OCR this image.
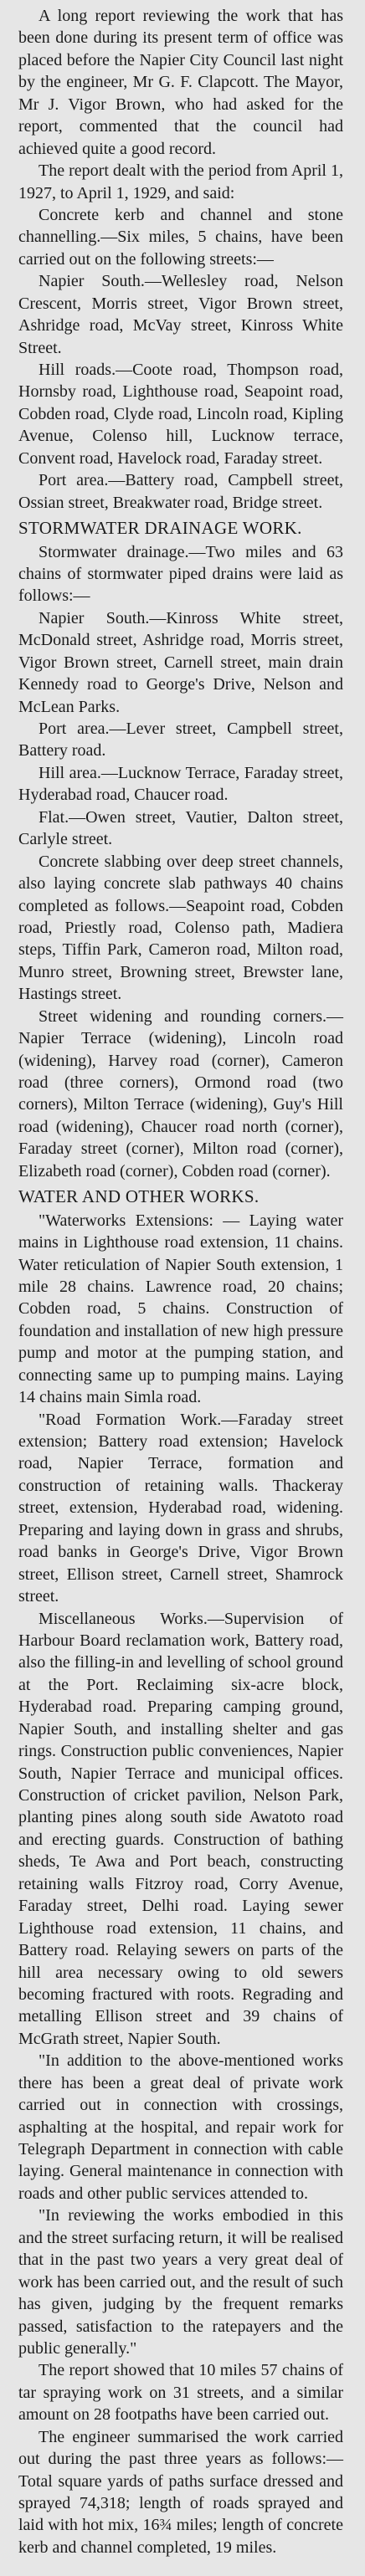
A long report reviewing the work that has been done during its present term of office was placed before the Napier City Council last night by the engineer, Mr G. F. Clapcott. The Mayor, Mr J. Vigor Brown, who had asked for the report, commented that the council had achieved quite a good record.

The report dealt with the period from April 1, 1927, to April 1, 1929, and said:

Concrete kerb and channel and stone channelling.—Six miles, 5 chains, have been carried out on the following streets:—

Napier South.—Wellesley road, Nelson Crescent, Morris street, Vigor Brown street, Ashridge road, McVay street, Kinross White Street.

Hill roads.—Coote road, Thompson road, Hornsby road, Lighthouse road, Seapoint road, Cobden road, Clyde road, Lincoln road, Kipling Avenue, Colenso hill, Lucknow terrace, Convent road, Havelock road, Faraday street.

Port area.—Battery road, Campbell street, Ossian street, Breakwater road, Bridge street.

STORMWATER DRAINAGE WORK.

Stormwater drainage.—Two miles and 63 chains of stormwater piped drains were laid as follows:—

Napier South.—Kinross White street, McDonald street, Ashridge road, Morris street, Vigor Brown street, Carnell street, main drain Kennedy road to George's Drive, Nelson and McLean Parks.

Port area.—Lever street, Campbell street, Battery road.

Hill area.—Lucknow Terrace, Faraday street, Hyderabad road, Chaucer road.

Flat.—Owen street, Vautier, Dalton street, Carlyle street.

Concrete slabbing over deep street channels, also laying concrete slab pathways 40 chains completed as follows.—Seapoint road, Cobden road, Priestly road, Colenso path, Madiera steps, Tiffin Park, Cameron road, Milton road, Munro street, Browning street, Brewster lane, Hastings street.

Street widening and rounding corners.—Napier Terrace (widening), Lincoln road (widening), Harvey road (corner), Cameron road (three corners), Ormond road (two corners), Milton Terrace (widening), Guy's Hill road (widening), Chaucer road north (corner), Faraday street (corner), Milton road (corner), Elizabeth road (corner), Cobden road (corner).

WATER AND OTHER WORKS.

"Waterworks Extensions: — Laying water mains in Lighthouse road extension, 11 chains. Water reticulation of Napier South extension, 1 mile 28 chains. Lawrence road, 20 chains; Cobden road, 5 chains. Construction of foundation and installation of new high pressure pump and motor at the pumping station, and connecting same up to pumping mains. Laying 14 chains main Simla road.

"Road Formation Work.—Faraday street extension; Battery road extension; Havelock road, Napier Terrace, formation and construction of retaining walls. Thackeray street, extension, Hyderabad road, widening. Preparing and laying down in grass and shrubs, road banks in George's Drive, Vigor Brown street, Ellison street, Carnell street, Shamrock street.

Miscellaneous Works.—Supervision of Harbour Board reclamation work, Battery road, also the filling-in and levelling of school ground at the Port. Reclaiming six-acre block, Hyderabad road. Preparing camping ground, Napier South, and installing shelter and gas rings. Construction public conveniences, Napier South, Napier Terrace and municipal offices. Construction of cricket pavilion, Nelson Park, planting pines along south side Awatoto road and erecting guards. Construction of bathing sheds, Te Awa and Port beach, constructing retaining walls Fitzroy road, Corry Avenue, Faraday street, Delhi road. Laying sewer Lighthouse road extension, 11 chains, and Battery road. Relaying sewers on parts of the hill area necessary owing to old sewers becoming fractured with roots. Regrading and metalling Ellison street and 39 chains of McGrath street, Napier South.

"In addition to the above-mentioned works there has been a great deal of private work carried out in connection with crossings, asphalting at the hospital, and repair work for Telegraph Department in connection with cable laying. General maintenance in connection with roads and other public services attended to.

"In reviewing the works embodied in this and the street surfacing return, it will be realised that in the past two years a very great deal of work has been carried out, and the result of such has given, judging by the frequent remarks passed, satisfaction to the ratepayers and the public generally."

The report showed that 10 miles 57 chains of tar spraying work on 31 streets, and a similar amount on 28 footpaths have been carried out.

The engineer summarised the work carried out during the past three years as follows:—Total square yards of paths surface dressed and sprayed 74,318; length of roads sprayed and laid with hot mix, 16¾ miles; length of concrete kerb and channel completed, 19 miles.
